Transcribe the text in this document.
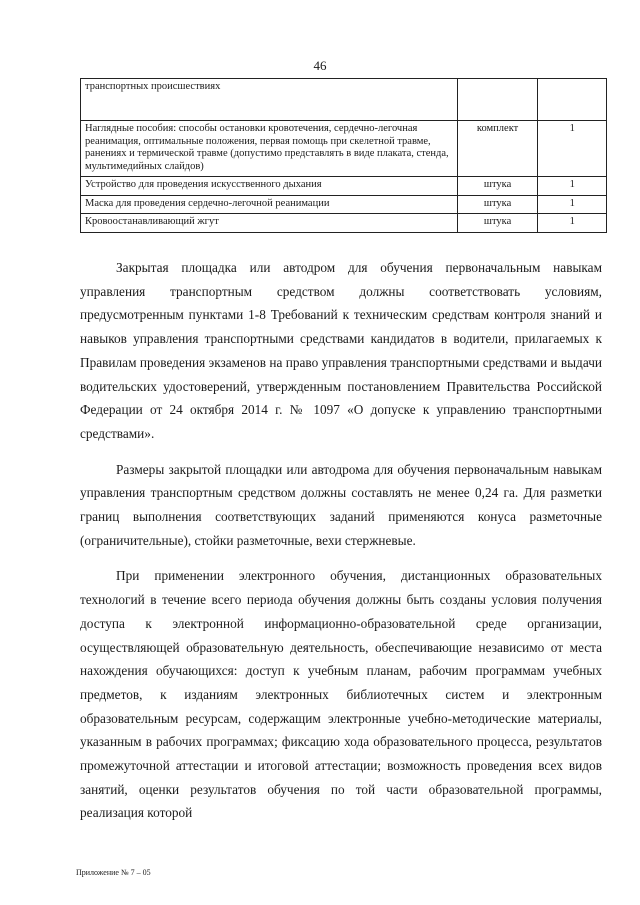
46
транспортных происшествиях		
Наглядные пособия: способы остановки кровотечения, сердечно-легочная реанимация, оптимальные положения, первая помощь при скелетной травме, ранениях и термической травме (допустимо представлять в виде плаката, стенда, мультимедийных слайдов)	комплект	1
Устройство для проведения искусственного дыхания	штука	1
Маска для проведения сердечно-легочной реанимации	штука	1
Кровоостанавливающий жгут	штука	1

Закрытая площадка или автодром для обучения первоначальным навыкам управления транспортным средством должны соответствовать условиям, предусмотренным пунктами 1-8 Требований к техническим средствам контроля знаний и навыков управления транспортными средствами кандидатов в водители, прилагаемых к Правилам проведения экзаменов на право управления транспортными средствами и выдачи водительских удостоверений, утвержденным постановлением Правительства Российской Федерации от 24 октября 2014 г. № 1097 «О допуске к управлению транспортными средствами».

Размеры закрытой площадки или автодрома для обучения первоначальным навыкам управления транспортным средством должны составлять не менее 0,24 га. Для разметки границ выполнения соответствующих заданий применяются конуса разметочные (ограничительные), стойки разметочные, вехи стержневые.

При применении электронного обучения, дистанционных образовательных технологий в течение всего периода обучения должны быть созданы условия получения доступа к электронной информационно-образовательной среде организации, осуществляющей образовательную деятельность, обеспечивающие независимо от места нахождения обучающихся: доступ к учебным планам, рабочим программам учебных предметов, к изданиям электронных библиотечных систем и электронным образовательным ресурсам, содержащим электронные учебно-методические материалы, указанным в рабочих программах; фиксацию хода образовательного процесса, результатов промежуточной аттестации и итоговой аттестации; возможность проведения всех видов занятий, оценки результатов обучения по той части образовательной программы, реализация которой

Приложение № 7 – 05
